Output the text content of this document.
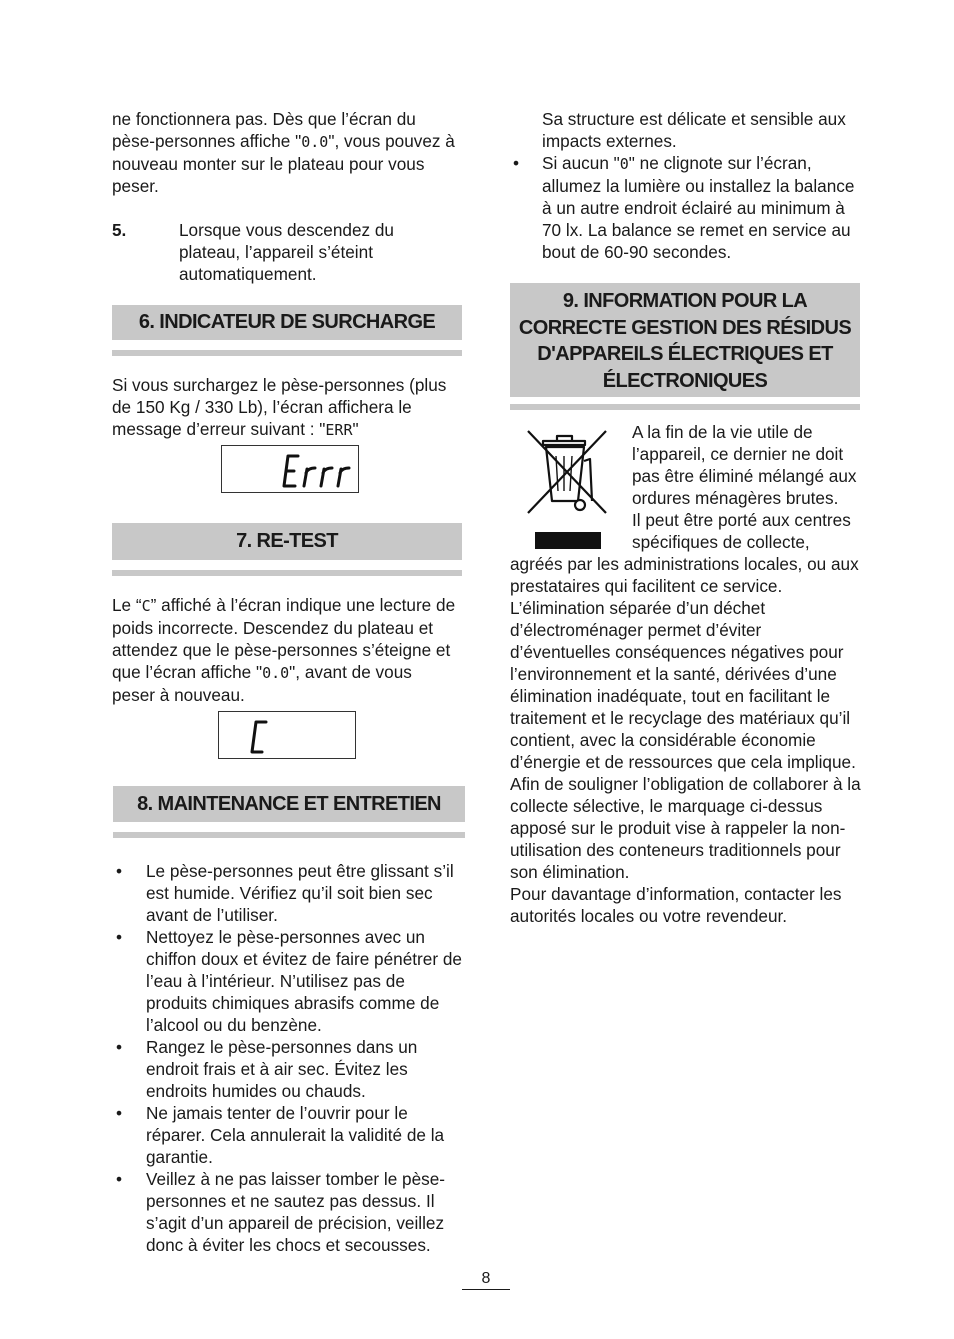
ne fonctionnera pas. Dès que l’écran du pèse-personnes affiche "0.0", vous pouvez à nouveau monter sur le plateau pour vous peser.

5.	Lorsque vous descendez du plateau, l’appareil s’éteint automatiquement.
6. INDICATEUR DE SURCHARGE

Si vous surchargez le pèse-personnes (plus de 150 Kg / 330 Lb), l’écran affichera le message d’erreur suivant : "ERR"

7. RE-TEST

Le “C” affiché à l’écran indique une lecture de poids incorrecte. Descendez du plateau et attendez que le pèse-personnes s’éteigne et que l’écran affiche "0.0", avant de vous peser à nouveau.

8. MAINTENANCE ET ENTRETIEN
• Le pèse-personnes peut être glissant s’il est humide. Vérifiez qu’il soit bien sec avant de l’utiliser.
• Nettoyez le pèse-personnes avec un chiffon doux et évitez de faire pénétrer de l’eau à l’intérieur. N’utilisez pas de produits chimiques abrasifs comme de l’alcool ou du benzène.
• Rangez le pèse-personnes dans un endroit frais et à air sec. Évitez les endroits humides ou chauds.
• Ne jamais tenter de l’ouvrir pour le réparer. Cela annulerait la validité de la garantie.
• Veillez à ne pas laisser tomber le pèse-personnes et ne sautez pas dessus. Il s’agit d’un appareil de précision, veillez donc à éviter les chocs et secousses.

Sa structure est délicate et sensible aux impacts externes.

• Si aucun "0" ne clignote sur l’écran, allumez la lumière ou installez la balance à un autre endroit éclairé au minimum à 70 lx. La balance se remet en service au bout de 60-90 secondes.
9. INFORMATION POUR LA CORRECTE GESTION DES RÉSIDUS D'APPAREILS ÉLECTRIQUES ET ÉLECTRONIQUES

A la fin de la vie utile de l’appareil, ce dernier ne doit pas être éliminé mélangé aux ordures ménagères brutes.

Il peut être porté aux centres spécifiques de collecte, agréés par les administrations locales, ou aux prestataires qui facilitent ce service.

L’élimination séparée d’un déchet d’électroménager permet d’éviter d’éventuelles conséquences négatives pour l’environnement et la santé, dérivées d’une élimination inadéquate, tout en facilitant le traitement et le recyclage des matériaux qu’il contient, avec la considérable économie d’énergie et de ressources que cela implique.

Afin de souligner l’obligation de collaborer à la collecte sélective, le marquage ci-dessus apposé sur le produit vise à rappeler la non-utilisation des conteneurs traditionnels pour son élimination.

Pour davantage d’information, contacter les autorités locales ou votre revendeur.

8
